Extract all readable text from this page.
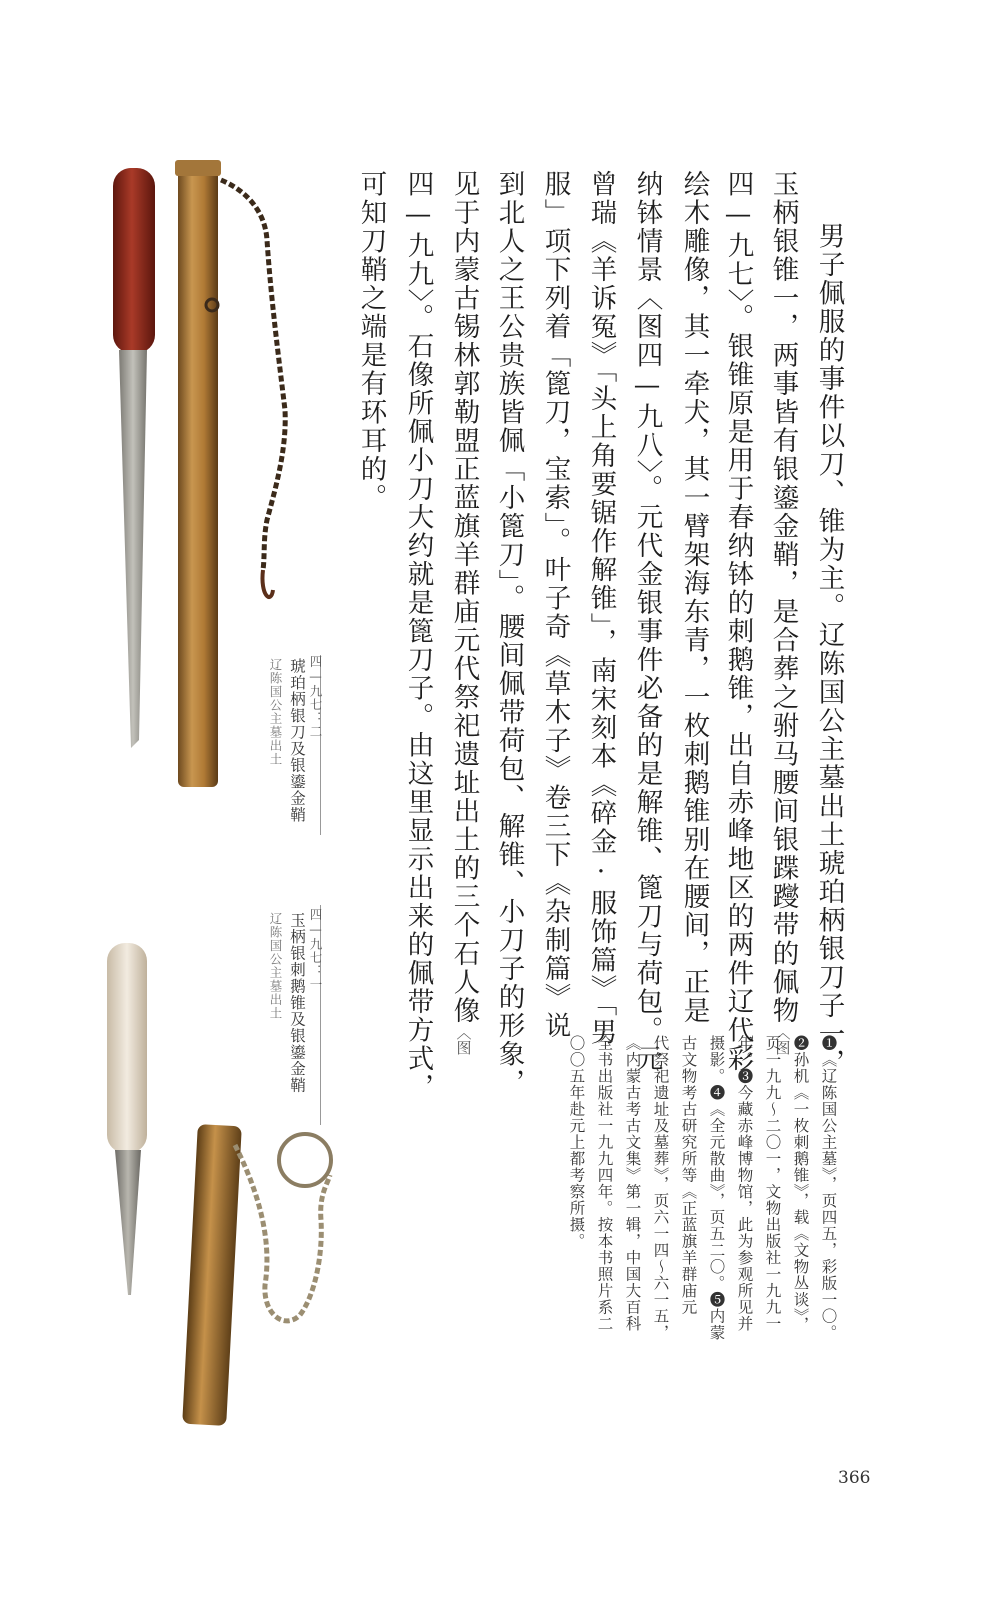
四—九七：二
琥珀柄银刀及银鎏金鞘
辽陈国公主墓出土
四—九七：一
玉柄银刺鹅锥及银鎏金鞘
辽陈国公主墓出土	男子佩服的事件以刀、锥为主。辽陈国公主墓出土琥珀柄银刀子一，
玉柄银锥一，两事皆有银鎏金鞘，是合葬之驸马腰间银蹀躞带的佩物〈图
四—九七〉。银锥原是用于春纳钵的刺鹅锥，出自赤峰地区的两件辽代彩
绘木雕像，其一牵犬，其一臂架海东青，一枚刺鹅锥别在腰间，正是
纳钵情景〈图四—九八〉。元代金银事件必备的是解锥、篦刀与荷包。元
曾瑞《羊诉冤》「头上角要锯作解锥」，南宋刻本《碎金·服饰篇》「男
服」项下列着「篦刀，宝索」。叶子奇《草木子》卷三下《杂制篇》说
到北人之王公贵族皆佩「小篦刀」。腰间佩带荷包、解锥、小刀子的形象，
见于内蒙古锡林郭勒盟正蓝旗羊群庙元代祭祀遗址出土的三个石人像〈图
四—九九〉。石像所佩小刀大约就是篦刀子。由这里显示出来的佩带方式，
可知刀鞘之端是有环耳的。
❶《辽陈国公主墓》，页四五，彩版一〇。
❷孙机《一枚刺鹅锥》，载《文物丛谈》，
页一九九～二〇一，文物出版社一九九一
年。❸今藏赤峰博物馆，此为参观所见并
摄影。❹《全元散曲》，页五二〇。❺内蒙
古文物考古研究所等《正蓝旗羊群庙元
代祭祀遗址及墓葬》，页六一四～六一五，
《内蒙古考古文集》第一辑，中国大百科
全书出版社一九九四年。按本书照片系二
〇〇五年赴元上都考察所摄。
366
